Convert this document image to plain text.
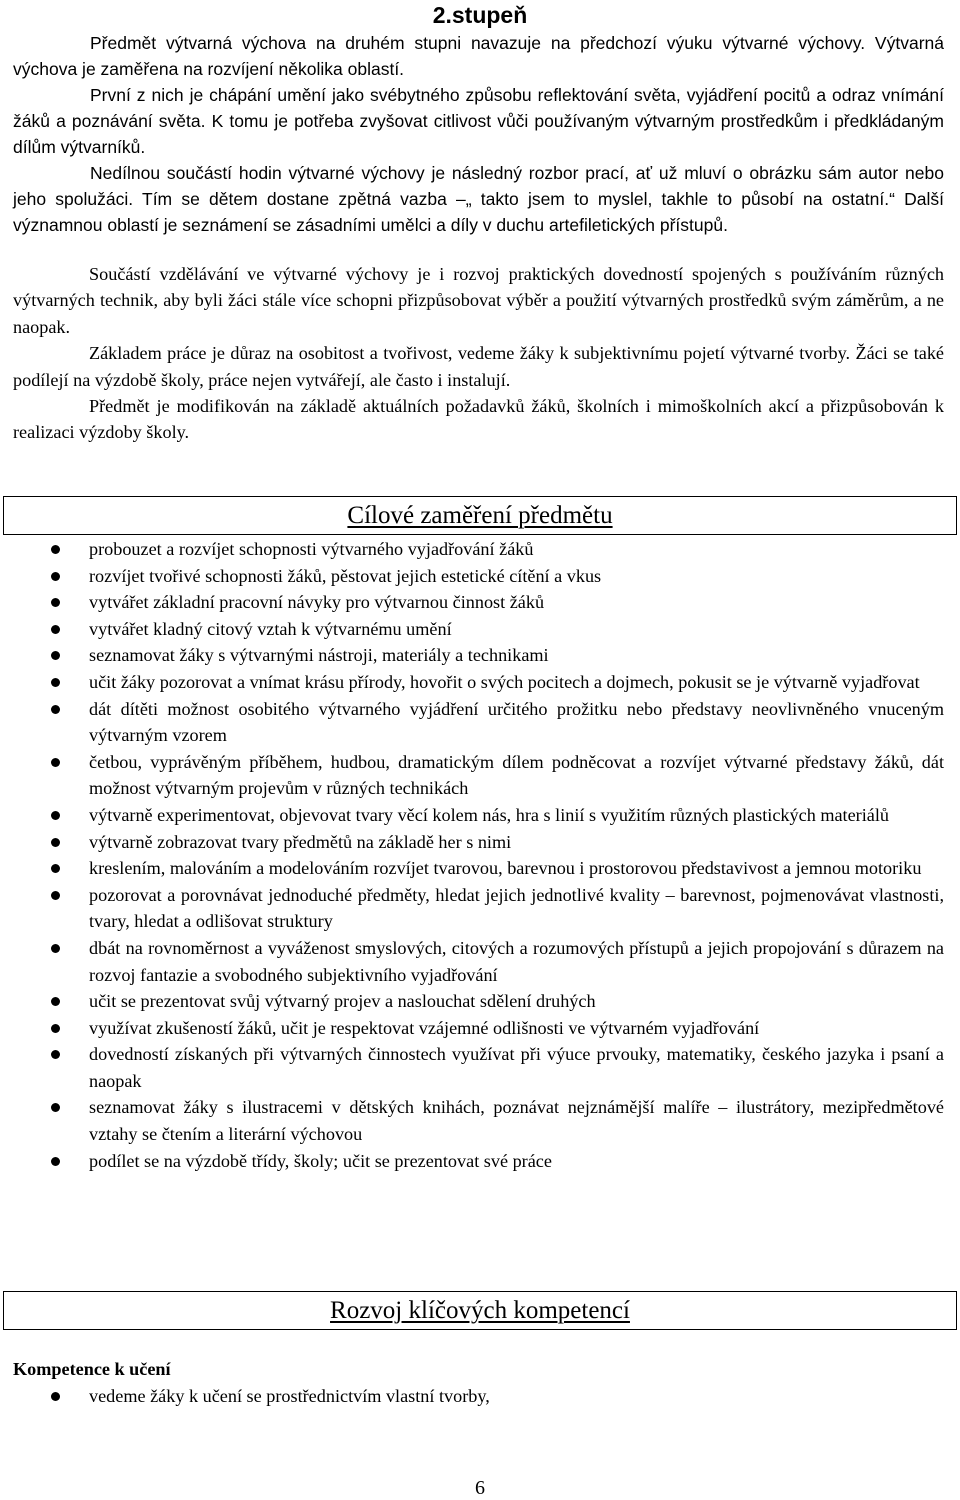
2.stupeň

Předmět výtvarná výchova na druhém stupni navazuje na předchozí výuku výtvarné výchovy. Výtvarná výchova je zaměřena na rozvíjení několika oblastí.

První z nich je chápání umění jako svébytného způsobu reflektování světa, vyjádření pocitů a odraz vnímání žáků a poznávání světa. K tomu je potřeba zvyšovat citlivost vůči používaným výtvarným prostředkům i předkládaným dílům výtvarníků.

Nedílnou součástí hodin výtvarné výchovy je následný rozbor prací, ať už mluví o obrázku sám autor nebo jeho spolužáci. Tím se dětem dostane zpětná vazba –„ takto jsem to myslel, takhle to působí na ostatní.“ Další významnou oblastí je seznámení se zásadními umělci a díly v duchu artefiletických přístupů.

Součástí vzdělávání ve výtvarné výchovy je i rozvoj praktických dovedností spojených s používáním různých výtvarných technik, aby byli žáci stále více schopni přizpůsobovat výběr a použití výtvarných prostředků svým záměrům, a ne naopak.

Základem práce je důraz na osobitost a tvořivost, vedeme žáky k subjektivnímu pojetí výtvarné tvorby. Žáci se také podílejí na výzdobě školy, práce nejen vytvářejí, ale často i instalují.

Předmět je modifikován na základě aktuálních požadavků žáků, školních i mimoškolních akcí a přizpůsobován k realizaci výzdoby školy.

Cílové zaměření předmětu
probouzet a rozvíjet schopnosti výtvarného vyjadřování žáků
rozvíjet tvořivé schopnosti žáků, pěstovat jejich estetické cítění a vkus
vytvářet základní pracovní návyky pro výtvarnou činnost žáků
vytvářet kladný citový vztah k výtvarnému umění
seznamovat žáky s výtvarnými nástroji, materiály a technikami
učit žáky pozorovat a vnímat krásu přírody, hovořit o svých pocitech a dojmech, pokusit se je výtvarně vyjadřovat
dát dítěti možnost osobitého výtvarného vyjádření určitého prožitku nebo představy neovlivněného vnuceným výtvarným vzorem
četbou, vyprávěným příběhem, hudbou, dramatickým dílem podněcovat a rozvíjet výtvarné představy žáků, dát možnost výtvarným projevům v různých technikách
výtvarně experimentovat, objevovat tvary věcí kolem nás, hra s linií s využitím různých plastických materiálů
výtvarně zobrazovat tvary předmětů na základě her s nimi
kreslením, malováním a modelováním rozvíjet tvarovou, barevnou i prostorovou představivost a jemnou motoriku
pozorovat a porovnávat jednoduché předměty, hledat jejich jednotlivé kvality – barevnost, pojmenovávat vlastnosti, tvary, hledat a odlišovat struktury
dbát na rovnoměrnost a vyváženost smyslových, citových a rozumových přístupů a jejich propojování s důrazem na rozvoj fantazie a svobodného subjektivního vyjadřování
učit se prezentovat svůj výtvarný projev a naslouchat sdělení druhých
využívat zkušeností žáků, učit je respektovat vzájemné odlišnosti ve výtvarném vyjadřování
dovedností získaných při výtvarných činnostech využívat při výuce prvouky, matematiky, českého jazyka i psaní a naopak
seznamovat žáky s ilustracemi v dětských knihách, poznávat nejznámější malíře – ilustrátory, mezipředmětové vztahy se čtením a literární výchovou
podílet se na výzdobě třídy, školy; učit se prezentovat své práce
Rozvoj klíčových kompetencí
Kompetence k učení
vedeme žáky k učení se prostřednictvím vlastní tvorby,
6
